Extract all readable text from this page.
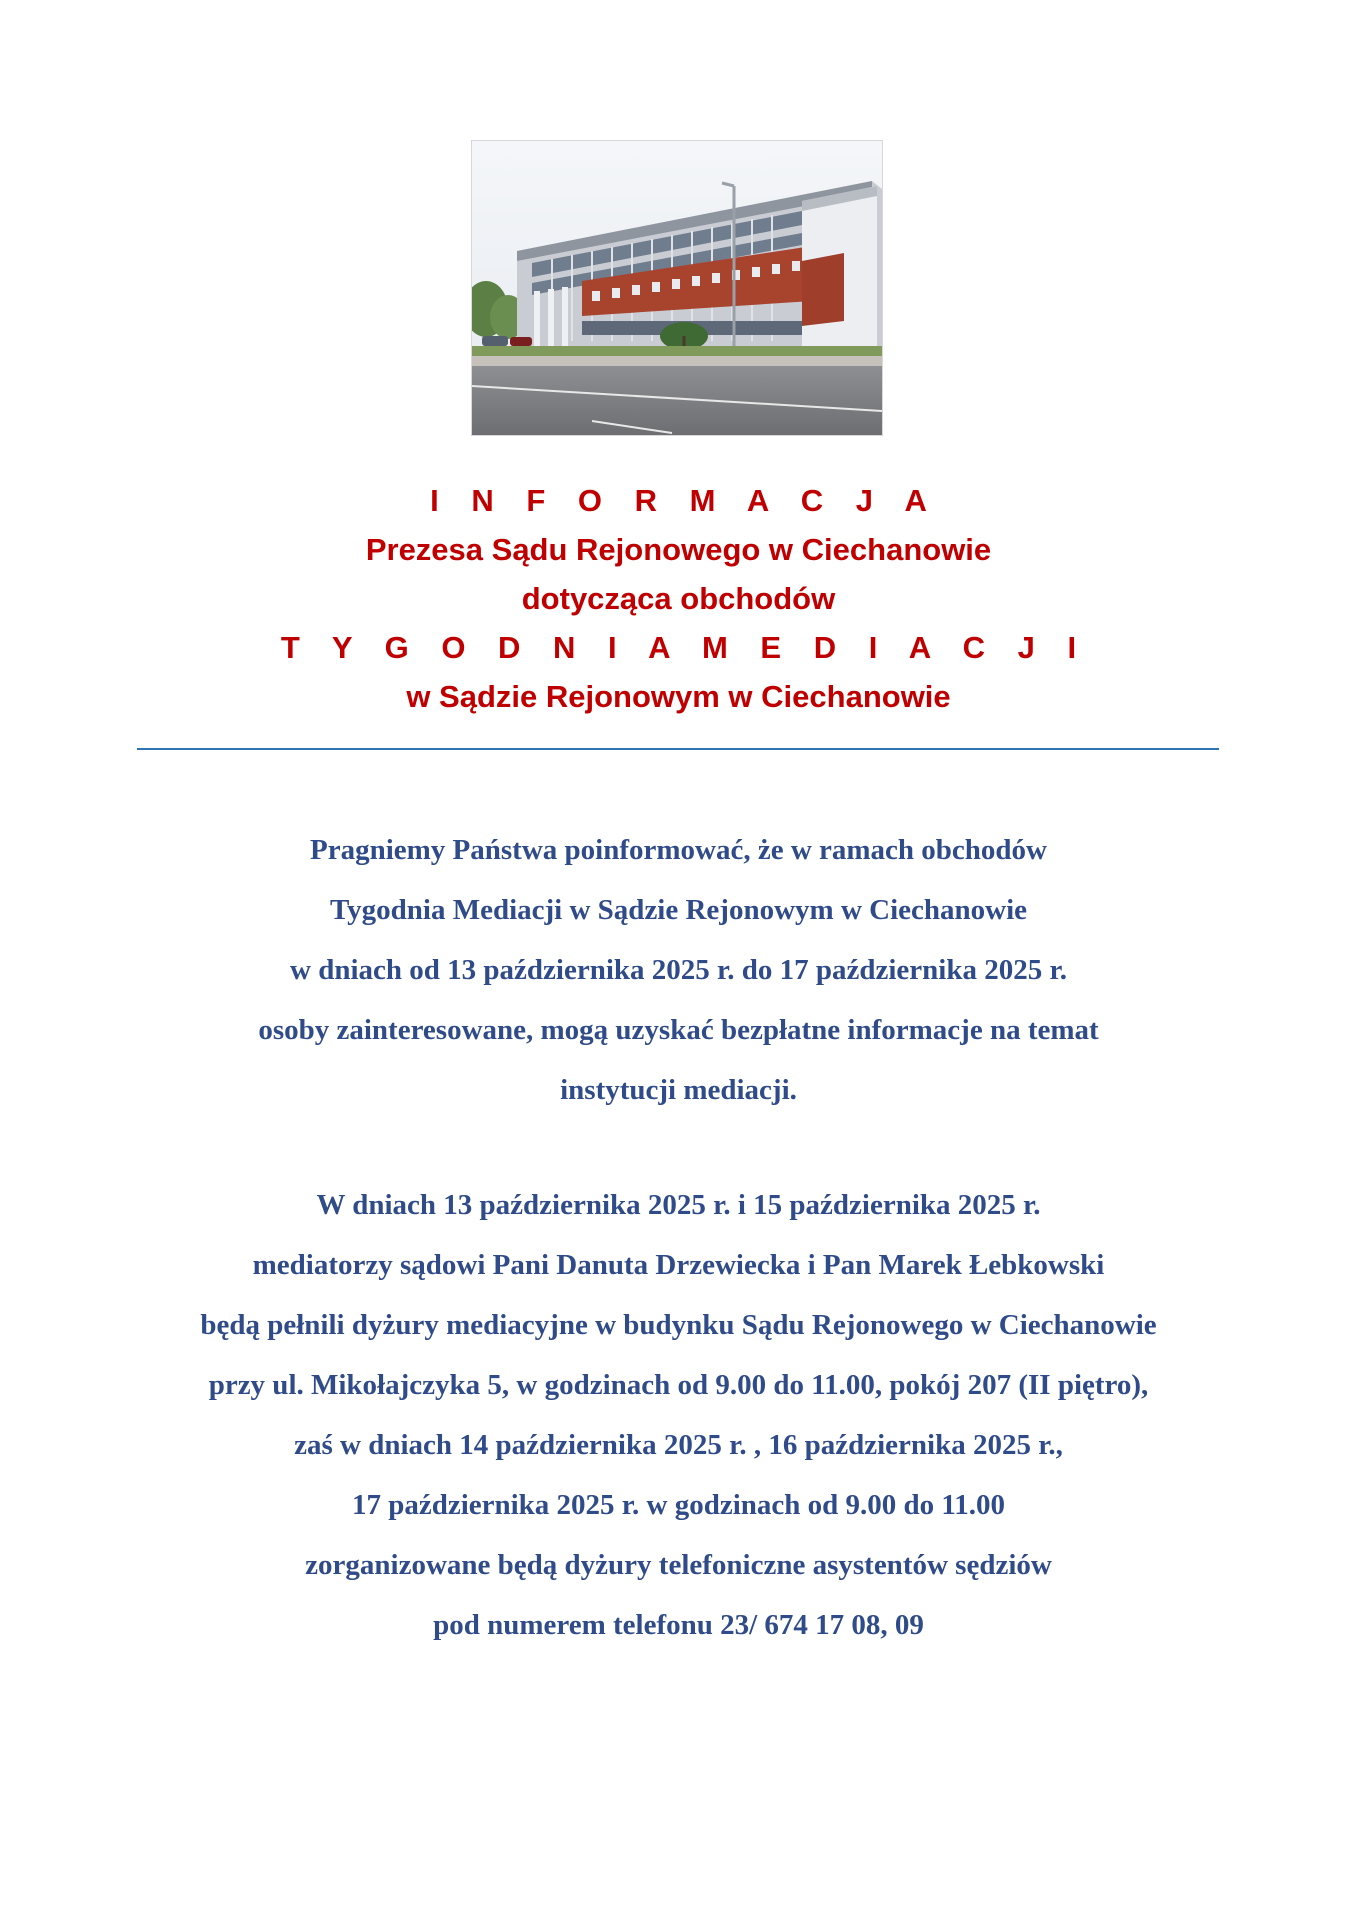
I N F O R M A C J A
Prezesa Sądu Rejonowego w Ciechanowie
dotycząca obchodów
T Y G O D N I A M E D I A C J I
w Sądzie Rejonowym w Ciechanowie
Pragniemy Państwa poinformować, że w ramach obchodów
Tygodnia Mediacji w Sądzie Rejonowym w Ciechanowie
w dniach od 13 października 2025 r. do 17 października 2025 r.
osoby zainteresowane, mogą uzyskać bezpłatne informacje na temat
instytucji mediacji.
W dniach 13 października 2025 r. i 15 października 2025 r.
mediatorzy sądowi Pani Danuta Drzewiecka i Pan Marek Łebkowski
będą pełnili dyżury mediacyjne w budynku Sądu Rejonowego w Ciechanowie
przy ul. Mikołajczyka 5, w godzinach od 9.00 do 11.00, pokój 207 (II piętro),
zaś w dniach 14 października 2025 r. , 16 października 2025 r.,
17 października 2025 r. w godzinach od 9.00 do 11.00
zorganizowane będą dyżury telefoniczne asystentów sędziów
pod numerem telefonu 23/ 674 17 08, 09
